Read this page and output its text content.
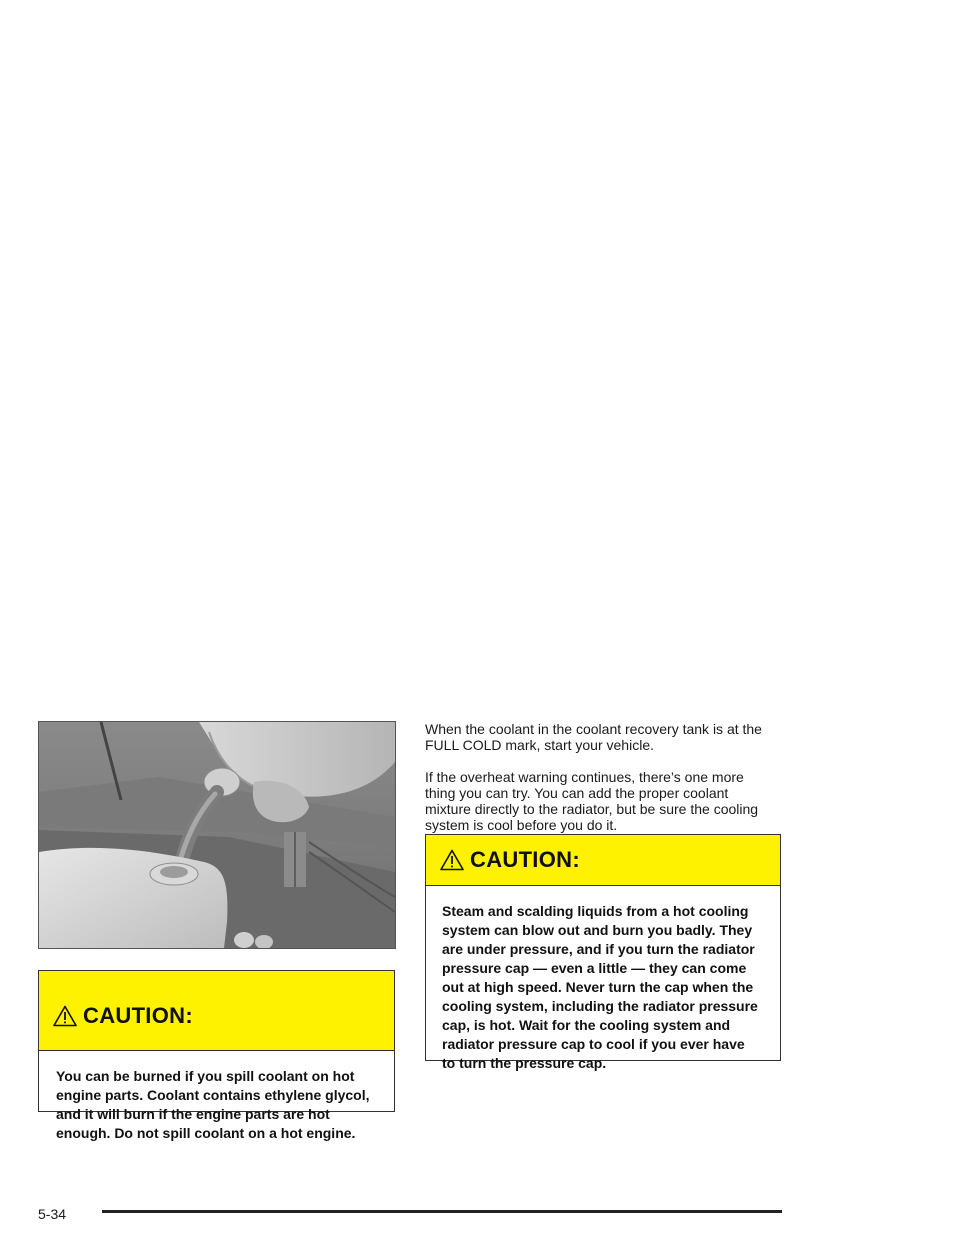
CAUTION:
You can be burned if you spill coolant on hot
engine parts. Coolant contains ethylene glycol,
and it will burn if the engine parts are hot
enough. Do not spill coolant on a hot engine.
When the coolant in the coolant recovery tank is at the
FULL COLD mark, start your vehicle.
If the overheat warning continues, there’s one more
thing you can try. You can add the proper coolant
mixture directly to the radiator, but be sure the cooling
system is cool before you do it.
CAUTION:
Steam and scalding liquids from a hot cooling
system can blow out and burn you badly. They
are under pressure, and if you turn the radiator
pressure cap — even a little — they can come
out at high speed. Never turn the cap when the
cooling system, including the radiator pressure
cap, is hot. Wait for the cooling system and
radiator pressure cap to cool if you ever have
to turn the pressure cap.
5-34
